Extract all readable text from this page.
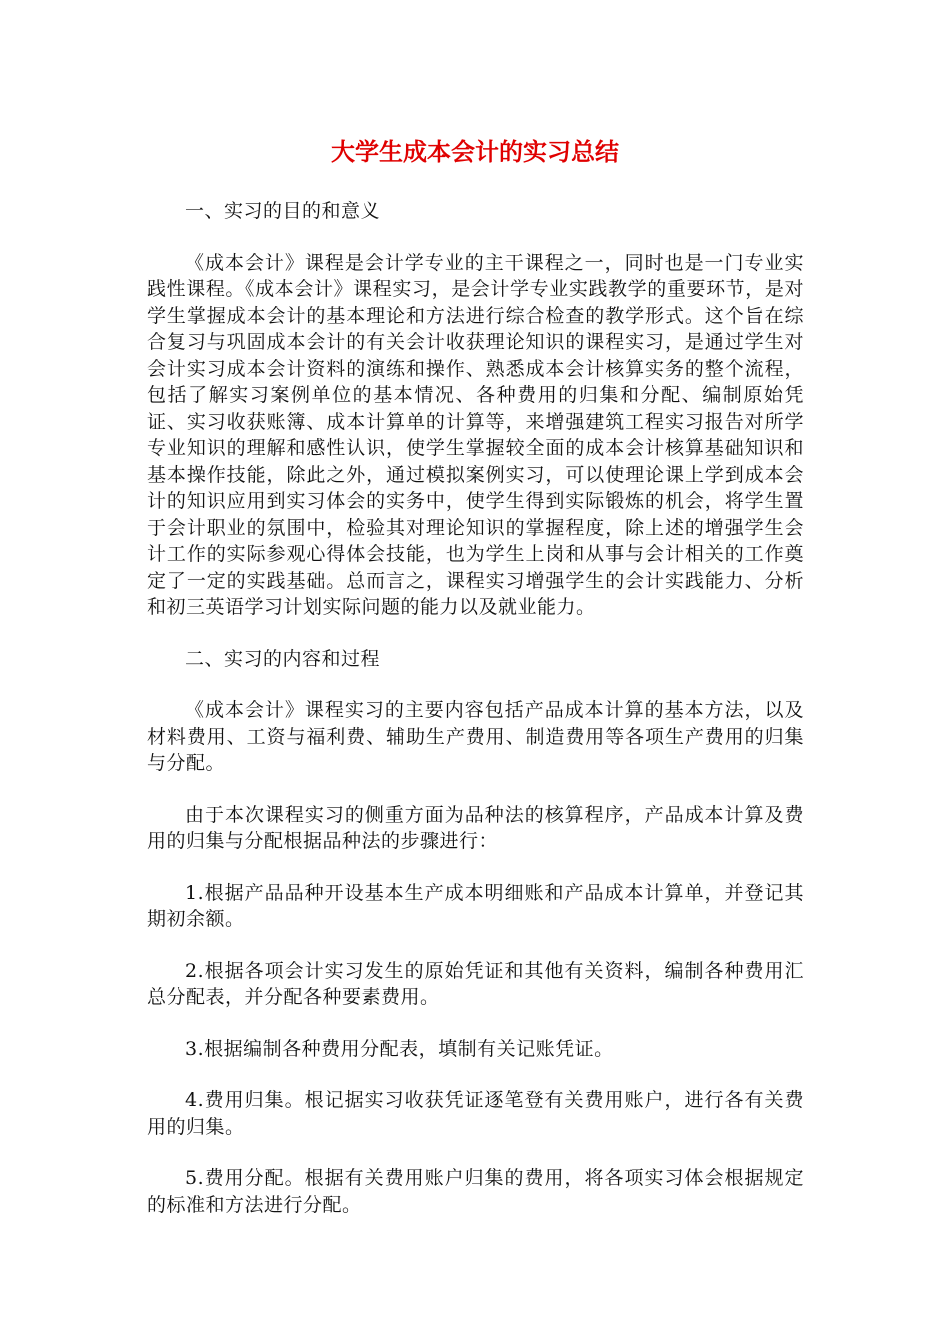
大学生成本会计的实习总结

一、实习的目的和意义

《成本会计》课程是会计学专业的主干课程之一，同时也是一门专业实践性课程。《成本会计》课程实习，是会计学专业实践教学的重要环节，是对学生掌握成本会计的基本理论和方法进行综合检查的教学形式。这个旨在综合复习与巩固成本会计的有关会计收获理论知识的课程实习，是通过学生对会计实习成本会计资料的演练和操作、熟悉成本会计核算实务的整个流程，包括了解实习案例单位的基本情况、各种费用的归集和分配、编制原始凭证、实习收获账簿、成本计算单的计算等，来增强建筑工程实习报告对所学专业知识的理解和感性认识，使学生掌握较全面的成本会计核算基础知识和基本操作技能，除此之外，通过模拟案例实习，可以使理论课上学到成本会计的知识应用到实习体会的实务中，使学生得到实际锻炼的机会，将学生置于会计职业的氛围中，检验其对理论知识的掌握程度，除上述的增强学生会计工作的实际参观心得体会技能，也为学生上岗和从事与会计相关的工作奠定了一定的实践基础。总而言之，课程实习增强学生的会计实践能力、分析和初三英语学习计划实际问题的能力以及就业能力。

二、实习的内容和过程

《成本会计》课程实习的主要内容包括产品成本计算的基本方法，以及材料费用、工资与福利费、辅助生产费用、制造费用等各项生产费用的归集与分配。

由于本次课程实习的侧重方面为品种法的核算程序，产品成本计算及费用的归集与分配根据品种法的步骤进行：

1.根据产品品种开设基本生产成本明细账和产品成本计算单，并登记其期初余额。

2.根据各项会计实习发生的原始凭证和其他有关资料，编制各种费用汇总分配表，并分配各种要素费用。

3.根据编制各种费用分配表，填制有关记账凭证。

4.费用归集。根记据实习收获凭证逐笔登有关费用账户，进行各有关费用的归集。

5.费用分配。根据有关费用账户归集的费用，将各项实习体会根据规定的标准和方法进行分配。
